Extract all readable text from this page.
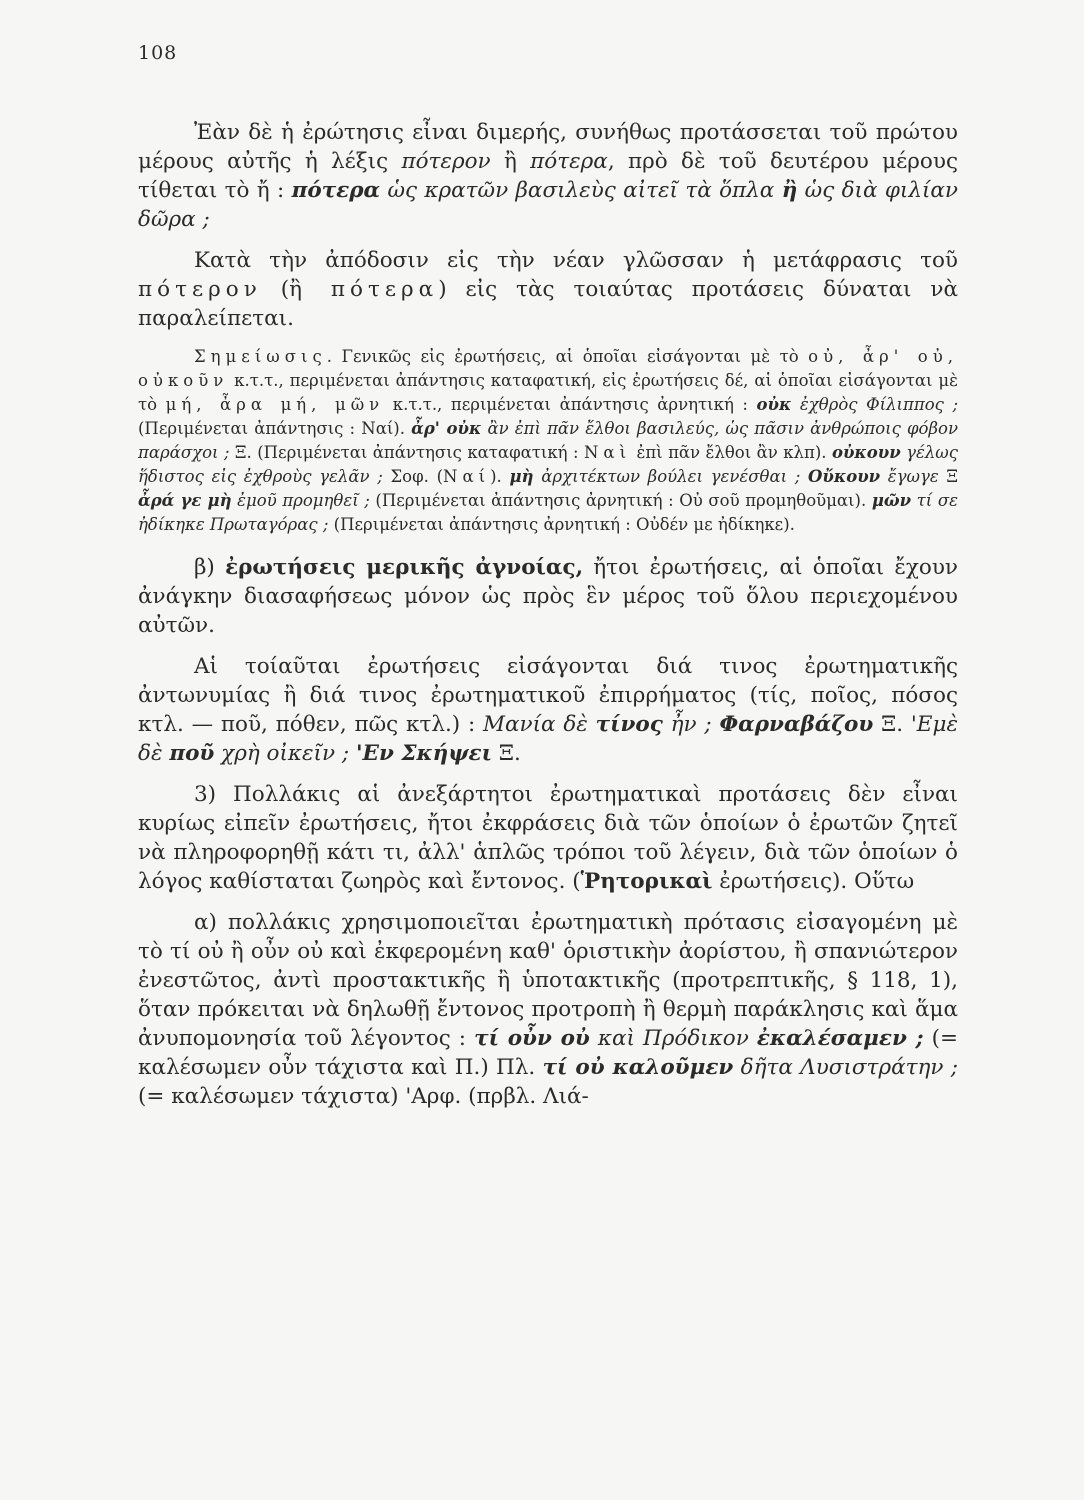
108

Ἐὰν δὲ ἡ ἐρώτησις εἶναι διμερής, συνήθως προτάσσεται τοῦ πρώτου μέρους αὐτῆς ἡ λέξις πότερον ἢ πότερα, πρὸ δὲ τοῦ δευτέρου μέρους τίθεται τὸ ἤ : πότερα ὡς κρατῶν βασιλεὺς αἰτεῖ τὰ ὅπλα ἢ ὡς διὰ φιλίαν δῶρα ;

Κατὰ τὴν ἀπόδοσιν εἰς τὴν νέαν γλῶσσαν ἡ μετάφρασις τοῦ πότερον (ἢ πότερα) εἰς τὰς τοιαύτας προτάσεις δύναται νὰ παραλείπεται.

Σημείωσις. Γενικῶς εἰς ἐρωτήσεις, αἱ ὁποῖαι εἰσάγονται μὲ τὸ οὐ, ἆρ' οὐ, οὐκοῦν κ.τ.τ., περιμένεται ἀπάντησις καταφατική, εἰς ἐρωτήσεις δέ, αἱ ὁποῖαι εἰσάγονται μὲ τὸ μή, ἆρα μή, μῶν κ.τ.τ., περιμένεται ἀπάντησις ἀρνητική : οὐκ ἐχθρὸς Φίλιππος ; (Περιμένεται ἀπάντησις : Ναί). ἆρ' οὐκ ἂν ἐπὶ πᾶν ἔλθοι βασιλεύς, ὡς πᾶσιν ἀνθρώποις φόβον παράσχοι ; Ξ. (Περιμένεται ἀπάντησις καταφατική : Ναὶ ἐπὶ πᾶν ἔλθοι ἂν κλπ). οὐκουν γέλως ἥδιστος εἰς ἐχθροὺς γελᾶν ; Σοφ. (Ναί). μὴ ἀρχιτέκτων βούλει γενέσθαι ; Οὔκουν ἔγωγε Ξ ἆρά γε μὴ ἐμοῦ προμηθεῖ ; (Περιμένεται ἀπάντησις ἀρνητική : Οὐ σοῦ προμηθοῦμαι). μῶν τί σε ἠδίκηκε Πρωταγόρας ; (Περιμένεται ἀπάντησις ἀρνητική : Οὐδέν με ἠδίκηκε).

β) ἐρωτήσεις μερικῆς ἀγνοίας, ἤτοι ἐρωτήσεις, αἱ ὁποῖαι ἔχουν ἀνάγκην διασαφήσεως μόνον ὡς πρὸς ἓν μέρος τοῦ ὅλου περιεχομένου αὐτῶν.

Αἱ τοίαῦται ἐρωτήσεις εἰσάγονται διά τινος ἐρωτηματικῆς ἀντωνυμίας ἢ διά τινος ἐρωτηματικοῦ ἐπιρρήματος (τίς, ποῖος, πόσος κτλ. — ποῦ, πόθεν, πῶς κτλ.) : Μανία δὲ τίνος ἦν ; Φαρναβάζου Ξ. 'Εμὲ δὲ ποῦ χρὴ οἰκεῖν ; 'Εν Σκήψει Ξ.

3) Πολλάκις αἱ ἀνεξάρτητοι ἐρωτηματικαὶ προτάσεις δὲν εἶναι κυρίως εἰπεῖν ἐρωτήσεις, ἤτοι ἐκφράσεις διὰ τῶν ὁποίων ὁ ἐρωτῶν ζητεῖ νὰ πληροφορηθῇ κάτι τι, ἀλλ' ἁπλῶς τρόποι τοῦ λέγειν, διὰ τῶν ὁποίων ὁ λόγος καθίσταται ζωηρὸς καὶ ἔντονος. (Ῥητορικαὶ ἐρωτήσεις). Οὕτω

α) πολλάκις χρησιμοποιεῖται ἐρωτηματικὴ πρότασις εἰσαγομένη μὲ τὸ τί οὐ ἢ οὖν οὐ καὶ ἐκφερομένη καθ' ὁριστικὴν ἀορίστου, ἢ σπανιώτερον ἐνεστῶτος, ἀντὶ προστακτικῆς ἢ ὑποτακτικῆς (προτρεπτικῆς, § 118, 1), ὅταν πρόκειται νὰ δηλωθῇ ἔντονος προτροπὴ ἢ θερμὴ παράκλησις καὶ ἅμα ἀνυπομονησία τοῦ λέγοντος : τί οὖν οὐ καὶ Πρόδικον ἐκαλέσαμεν ; (= καλέσωμεν οὖν τάχιστα καὶ Π.) Πλ. τί οὐ καλοῦμεν δῆτα Λυσιστράτην ; (= καλέσωμεν τάχιστα) 'Αρφ. (πρβλ. Λιά-
